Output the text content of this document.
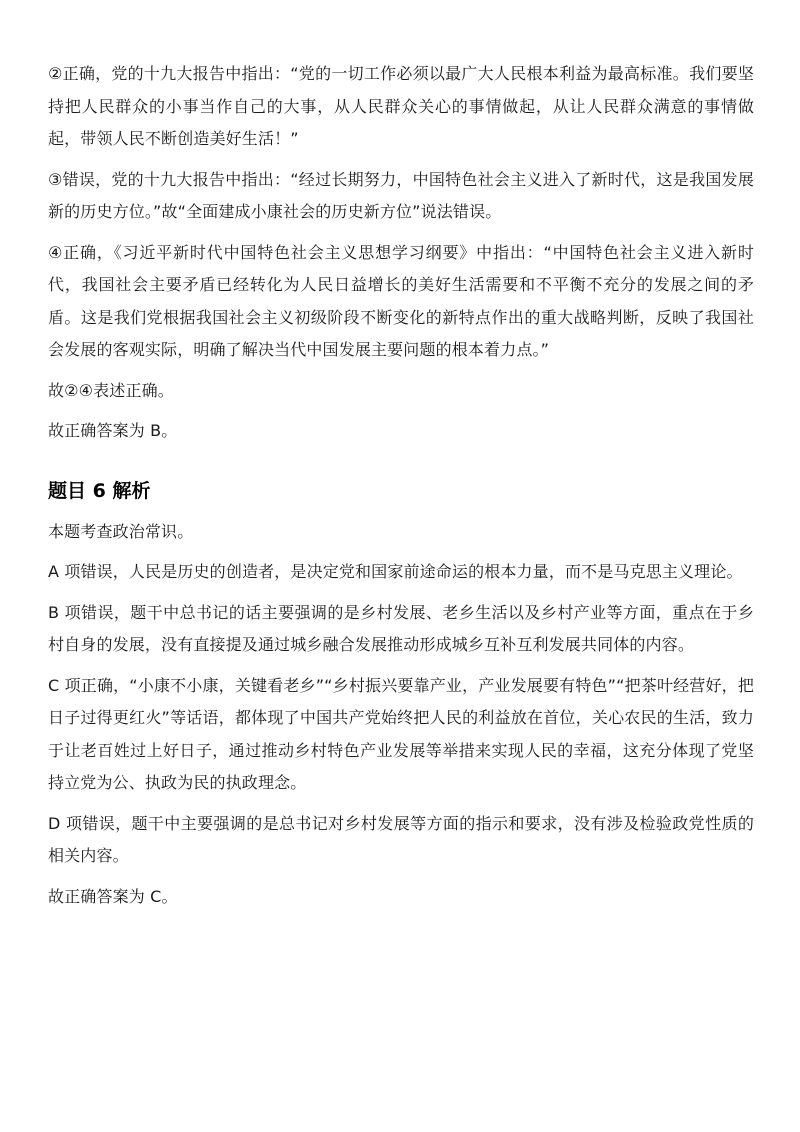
②正确，党的十九大报告中指出：“党的一切工作必须以最广大人民根本利益为最高标准。我们要坚持把人民群众的小事当作自己的大事，从人民群众关心的事情做起，从让人民群众满意的事情做起，带领人民不断创造美好生活！”

③错误，党的十九大报告中指出：“经过长期努力，中国特色社会主义进入了新时代，这是我国发展新的历史方位。”故“全面建成小康社会的历史新方位”说法错误。

④正确，《习近平新时代中国特色社会主义思想学习纲要》中指出：“中国特色社会主义进入新时代，我国社会主要矛盾已经转化为人民日益增长的美好生活需要和不平衡不充分的发展之间的矛盾。这是我们党根据我国社会主义初级阶段不断变化的新特点作出的重大战略判断，反映了我国社会发展的客观实际，明确了解决当代中国发展主要问题的根本着力点。”

故②④表述正确。

故正确答案为 B。

题目 6 解析

本题考查政治常识。

A 项错误，人民是历史的创造者，是决定党和国家前途命运的根本力量，而不是马克思主义理论。

B 项错误，题干中总书记的话主要强调的是乡村发展、老乡生活以及乡村产业等方面，重点在于乡村自身的发展，没有直接提及通过城乡融合发展推动形成城乡互补互利发展共同体的内容。

C 项正确，“小康不小康，关键看老乡”“乡村振兴要靠产业，产业发展要有特色”“把茶叶经营好，把日子过得更红火”等话语，都体现了中国共产党始终把人民的利益放在首位，关心农民的生活，致力于让老百姓过上好日子，通过推动乡村特色产业发展等举措来实现人民的幸福，这充分体现了党坚持立党为公、执政为民的执政理念。

D 项错误，题干中主要强调的是总书记对乡村发展等方面的指示和要求，没有涉及检验政党性质的相关内容。

故正确答案为 C。
